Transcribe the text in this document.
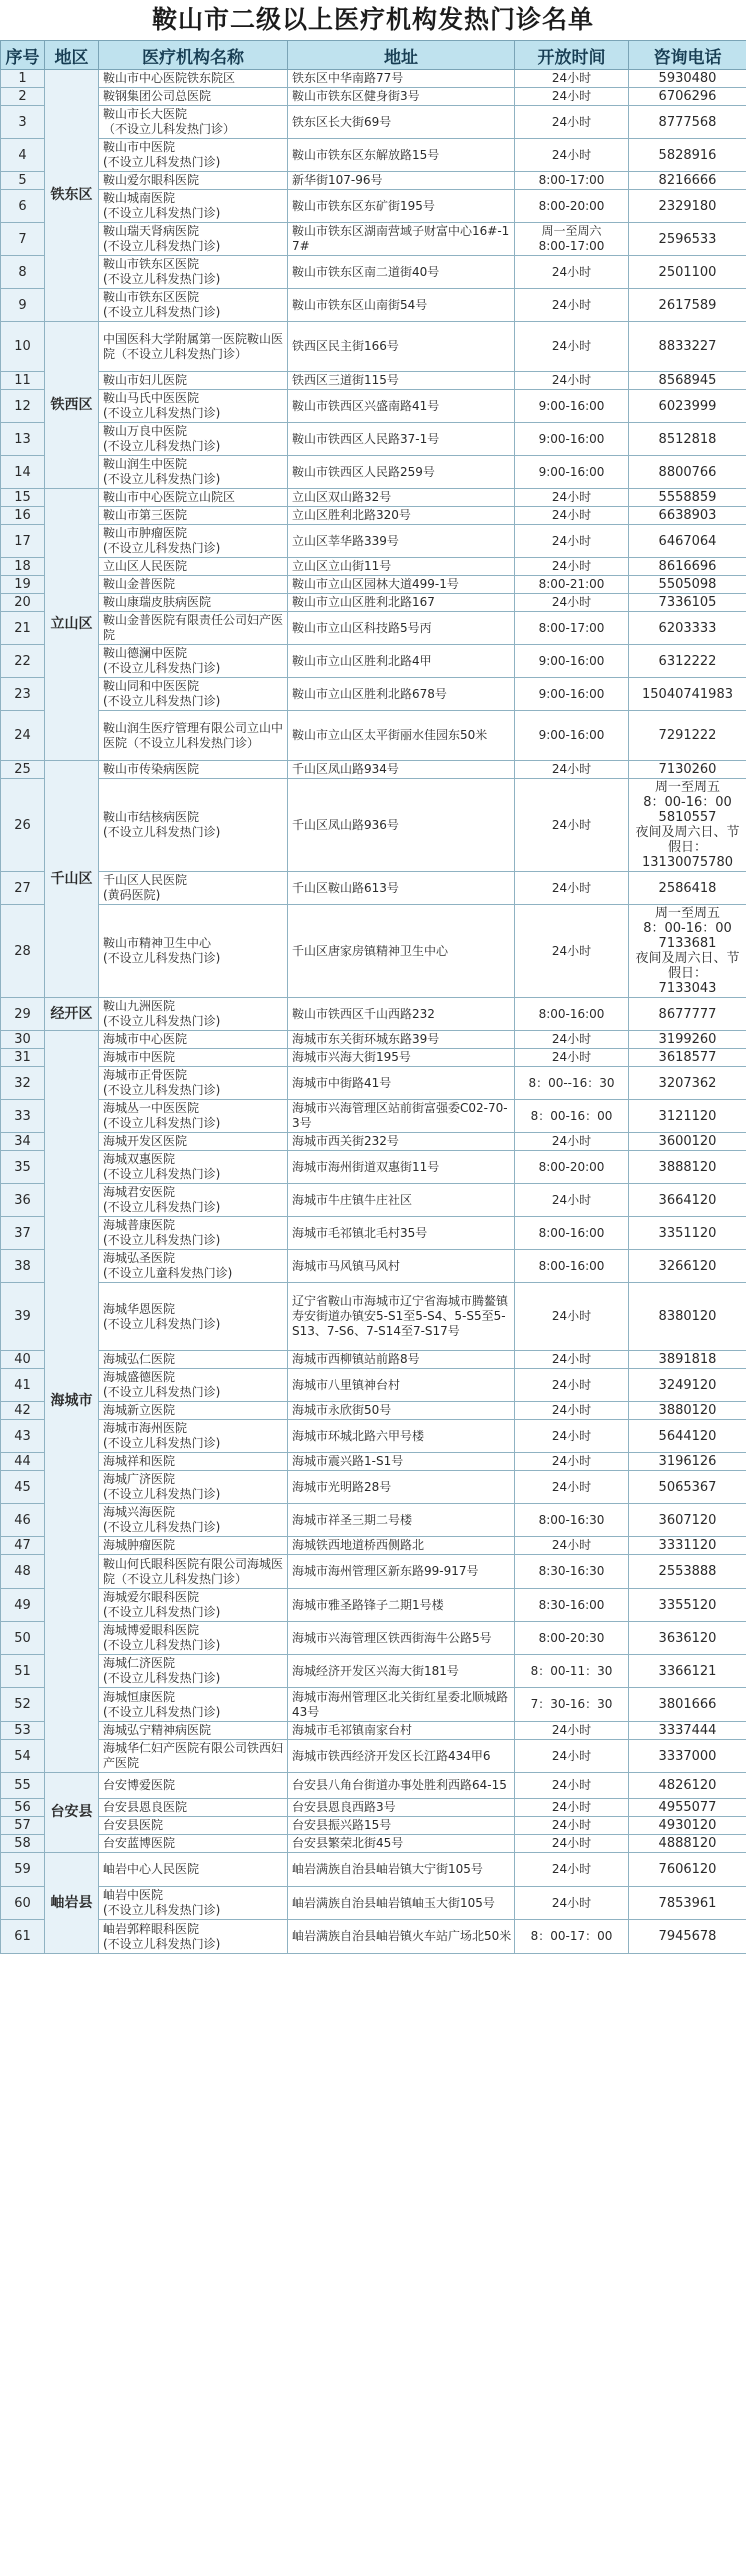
鞍山市二级以上医疗机构发热门诊名单
序号	地区	医疗机构名称	地址	开放时间	咨询电话
1	铁东区	鞍山市中心医院铁东院区	铁东区中华南路77号	24小时	5930480
2		鞍钢集团公司总医院	鞍山市铁东区健身街3号	24小时	6706296
3		鞍山市长大医院
（不设立儿科发热门诊）	铁东区长大街69号	24小时	8777568
4		鞍山市中医院
(不设立儿科发热门诊)	鞍山市铁东区东解放路15号	24小时	5828916
5		鞍山爱尔眼科医院	新华街107-96号	8:00-17:00	8216666
6		鞍山城南医院
(不设立儿科发热门诊)	鞍山市铁东区东矿街195号	8:00-20:00	2329180
7		鞍山瑞天肾病医院
(不设立儿科发热门诊)	鞍山市铁东区湖南营域子财富中心16#-17#	周一至周六
8:00-17:00	2596533
8		鞍山市铁东区医院
(不设立儿科发热门诊)	鞍山市铁东区南二道街40号	24小时	2501100
9		鞍山市铁东区医院
(不设立儿科发热门诊)	鞍山市铁东区山南街54号	24小时	2617589
10	铁西区	中国医科大学附属第一医院鞍山医院（不设立儿科发热门诊）	铁西区民主街166号	24小时	8833227
11		鞍山市妇儿医院	铁西区三道街115号	24小时	8568945
12		鞍山马氏中医医院
(不设立儿科发热门诊)	鞍山市铁西区兴盛南路41号	9:00-16:00	6023999
13		鞍山万良中医院
(不设立儿科发热门诊)	鞍山市铁西区人民路37-1号	9:00-16:00	8512818
14		鞍山润生中医院
(不设立儿科发热门诊)	鞍山市铁西区人民路259号	9:00-16:00	8800766
15	立山区	鞍山市中心医院立山院区	立山区双山路32号	24小时	5558859
16		鞍山市第三医院	立山区胜利北路320号	24小时	6638903
17		鞍山市肿瘤医院
(不设立儿科发热门诊)	立山区莘华路339号	24小时	6467064
18		立山区人民医院	立山区立山街11号	24小时	8616696
19		鞍山金普医院	鞍山市立山区园林大道499-1号	8:00-21:00	5505098
20		鞍山康瑞皮肤病医院	鞍山市立山区胜利北路167	24小时	7336105
21		鞍山金普医院有限责任公司妇产医院	鞍山市立山区科技路5号丙	8:00-17:00	6203333
22		鞍山德澜中医院
(不设立儿科发热门诊)	鞍山市立山区胜利北路4甲	9:00-16:00	6312222
23		鞍山同和中医医院
(不设立儿科发热门诊)	鞍山市立山区胜利北路678号	9:00-16:00	15040741983
24		鞍山润生医疗管理有限公司立山中医院（不设立儿科发热门诊）	鞍山市立山区太平街丽水佳园东50米	9:00-16:00	7291222
25	千山区	鞍山市传染病医院	千山区凤山路934号	24小时	7130260
26		鞍山市结核病医院
(不设立儿科发热门诊)	千山区凤山路936号	24小时	周一至周五
8：00-16：00
5810557
夜间及周六日、节假日：
13130075780
27		千山区人民医院
(黄码医院)	千山区鞍山路613号	24小时	2586418
28		鞍山市精神卫生中心
(不设立儿科发热门诊)	千山区唐家房镇精神卫生中心	24小时	周一至周五
8：00-16：00
7133681
夜间及周六日、节假日：
7133043
29	经开区	鞍山九洲医院
(不设立儿科发热门诊)	鞍山市铁西区千山西路232	8:00-16:00	8677777
30	海城市	海城市中心医院	海城市东关街环城东路39号	24小时	3199260
31		海城市中医院	海城市兴海大街195号	24小时	3618577
32		海城市正骨医院
(不设立儿科发热门诊)	海城市中街路41号	8：00--16：30	3207362
33		海城丛一中医医院
(不设立儿科发热门诊)	海城市兴海管理区站前街富强委C02-70-3号	8：00-16：00	3121120
34		海城开发区医院	海城市西关街232号	24小时	3600120
35		海城双惠医院
(不设立儿科发热门诊)	海城市海州街道双惠街11号	8:00-20:00	3888120
36		海城君安医院
(不设立儿科发热门诊)	海城市牛庄镇牛庄社区	24小时	3664120
37		海城普康医院
(不设立儿科发热门诊)	海城市毛祁镇北毛村35号	8:00-16:00	3351120
38		海城弘圣医院
(不设立儿童科发热门诊)	海城市马风镇马风村	8:00-16:00	3266120
39		海城华恩医院
(不设立儿科发热门诊)	辽宁省鞍山市海城市辽宁省海城市腾鳌镇寿安街道办镇安5-S1至5-S4、5-S5至5-S13、7-S6、7-S14至7-S17号	24小时	8380120
40		海城弘仁医院	海城市西柳镇站前路8号	24小时	3891818
41		海城盛德医院
(不设立儿科发热门诊)	海城市八里镇神台村	24小时	3249120
42		海城新立医院	海城市永欣街50号	24小时	3880120
43		海城市海州医院
(不设立儿科发热门诊)	海城市环城北路六甲号楼	24小时	5644120
44		海城祥和医院	海城市震兴路1-S1号	24小时	3196126
45		海城广济医院
(不设立儿科发热门诊)	海城市光明路28号	24小时	5065367
46		海城兴海医院
(不设立儿科发热门诊)	海城市祥圣三期二号楼	8:00-16:30	3607120
47		海城肿瘤医院	海城铁西地道桥西侧路北	24小时	3331120
48		鞍山何氏眼科医院有限公司海城医院（不设立儿科发热门诊）	海城市海州管理区新东路99-917号	8:30-16:30	2553888
49		海城爱尔眼科医院
(不设立儿科发热门诊)	海城市雅圣路锋子二期1号楼	8:30-16:00	3355120
50		海城博爱眼科医院
(不设立儿科发热门诊)	海城市兴海管理区铁西街海牛公路5号	8:00-20:30	3636120
51		海城仁济医院
(不设立儿科发热门诊)	海城经济开发区兴海大街181号	8：00-11：30	3366121
52		海城恒康医院
(不设立儿科发热门诊)	海城市海州管理区北关街红星委北顺城路43号	7：30-16：30	3801666
53		海城弘宁精神病医院	海城市毛祁镇南家台村	24小时	3337444
54		海城华仁妇产医院有限公司铁西妇产医院	海城市铁西经济开发区长江路434甲6	24小时	3337000
55	台安县	台安博爱医院	台安县八角台街道办事处胜利西路64-15	24小时	4826120
56		台安县恩良医院	台安县恩良西路3号	24小时	4955077
57		台安县医院	台安县振兴路15号	24小时	4930120
58		台安蓝博医院	台安县繁荣北街45号	24小时	4888120
59	岫岩县	岫岩中心人民医院	岫岩满族自治县岫岩镇大宁街105号	24小时	7606120
60		岫岩中医院
(不设立儿科发热门诊)	岫岩满族自治县岫岩镇岫玉大街105号	24小时	7853961
61		岫岩郭粹眼科医院
(不设立儿科发热门诊)	岫岩满族自治县岫岩镇火车站广场北50米	8：00-17：00	7945678
